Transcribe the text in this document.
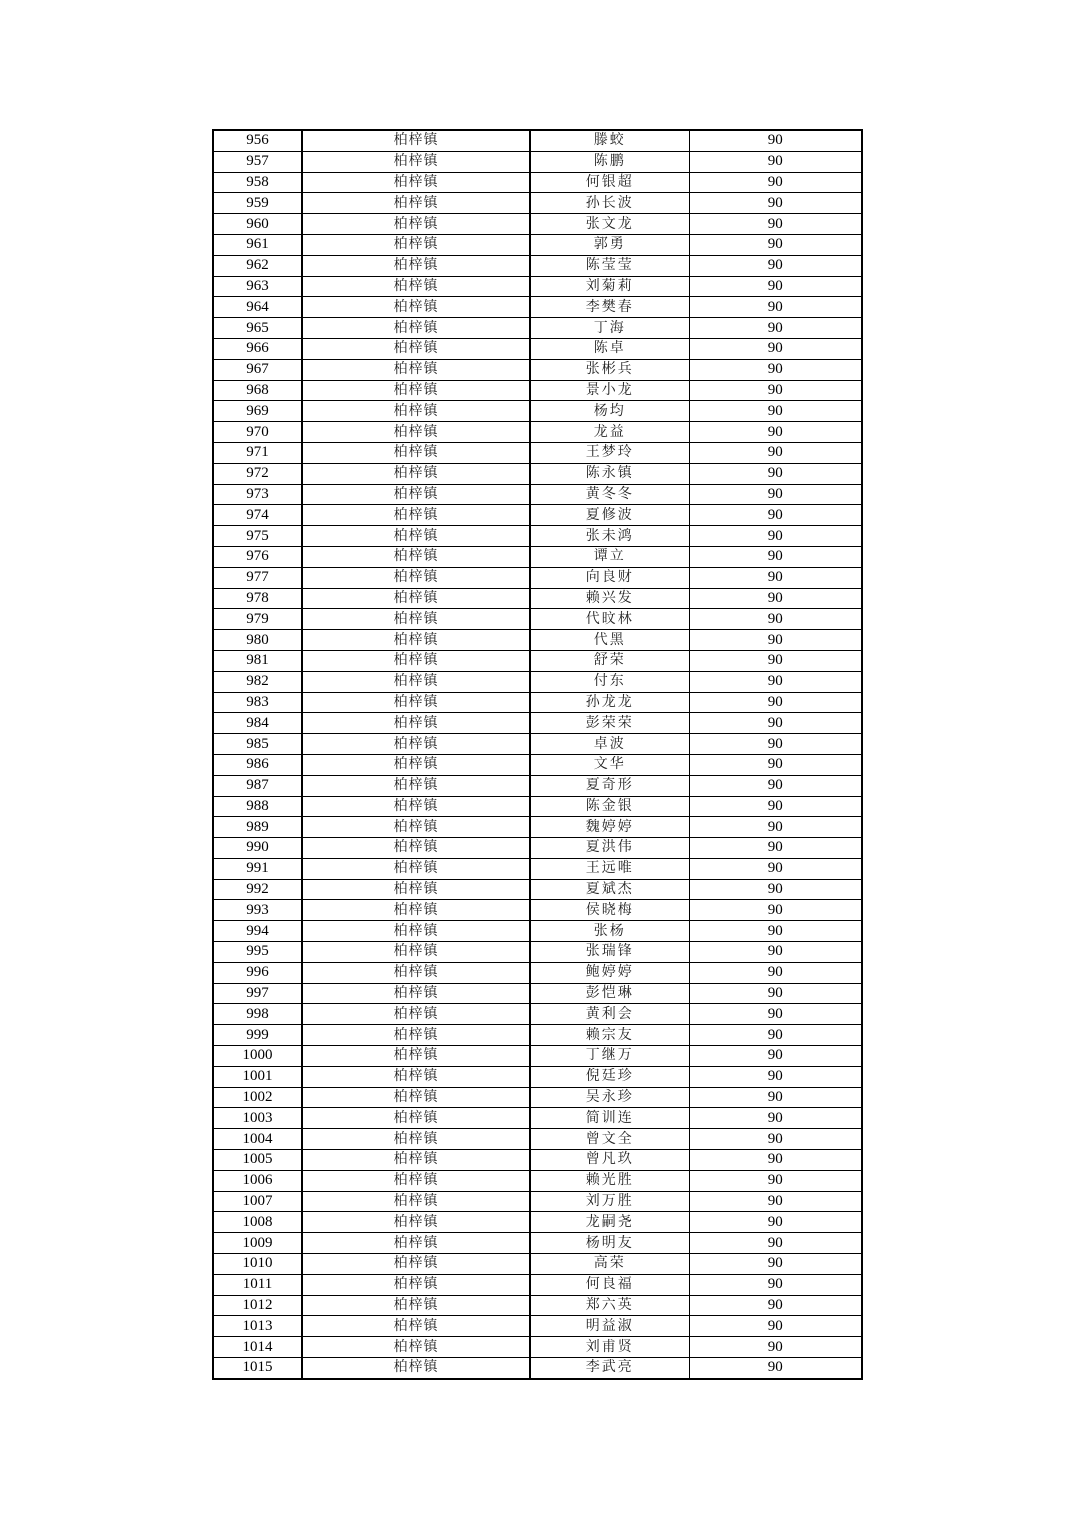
956	柏梓镇	滕蛟	90
957	柏梓镇	陈鹏	90
958	柏梓镇	何银超	90
959	柏梓镇	孙长波	90
960	柏梓镇	张文龙	90
961	柏梓镇	郭勇	90
962	柏梓镇	陈莹莹	90
963	柏梓镇	刘菊莉	90
964	柏梓镇	李樊春	90
965	柏梓镇	丁海	90
966	柏梓镇	陈卓	90
967	柏梓镇	张彬兵	90
968	柏梓镇	景小龙	90
969	柏梓镇	杨均	90
970	柏梓镇	龙益	90
971	柏梓镇	王梦玲	90
972	柏梓镇	陈永镇	90
973	柏梓镇	黄冬冬	90
974	柏梓镇	夏修波	90
975	柏梓镇	张未鸿	90
976	柏梓镇	谭立	90
977	柏梓镇	向良财	90
978	柏梓镇	赖兴发	90
979	柏梓镇	代旼林	90
980	柏梓镇	代黑	90
981	柏梓镇	舒荣	90
982	柏梓镇	付东	90
983	柏梓镇	孙龙龙	90
984	柏梓镇	彭荣荣	90
985	柏梓镇	卓波	90
986	柏梓镇	文华	90
987	柏梓镇	夏奇形	90
988	柏梓镇	陈金银	90
989	柏梓镇	魏婷婷	90
990	柏梓镇	夏洪伟	90
991	柏梓镇	王远唯	90
992	柏梓镇	夏斌杰	90
993	柏梓镇	侯晓梅	90
994	柏梓镇	张杨	90
995	柏梓镇	张瑞锋	90
996	柏梓镇	鲍婷婷	90
997	柏梓镇	彭恺琳	90
998	柏梓镇	黄利会	90
999	柏梓镇	赖宗友	90
1000	柏梓镇	丁继万	90
1001	柏梓镇	倪廷珍	90
1002	柏梓镇	吴永珍	90
1003	柏梓镇	简训连	90
1004	柏梓镇	曾文全	90
1005	柏梓镇	曾凡玖	90
1006	柏梓镇	赖光胜	90
1007	柏梓镇	刘万胜	90
1008	柏梓镇	龙嗣尧	90
1009	柏梓镇	杨明友	90
1010	柏梓镇	高荣	90
1011	柏梓镇	何良福	90
1012	柏梓镇	郑六英	90
1013	柏梓镇	明益淑	90
1014	柏梓镇	刘甫贤	90
1015	柏梓镇	李武亮	90
